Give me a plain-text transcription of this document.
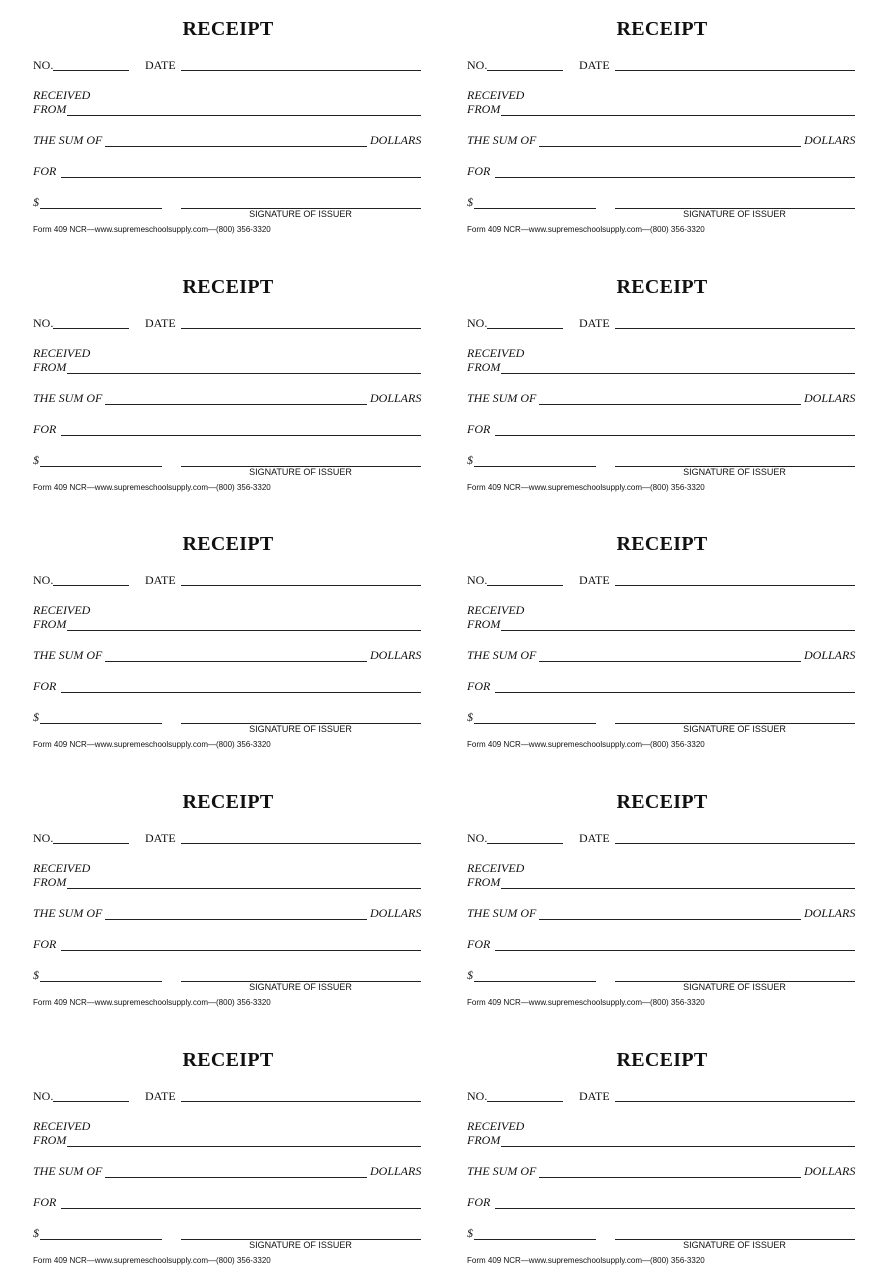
RECEIPT
NO.	DATE
RECEIVED
FROM
THE SUM OF	DOLLARS
FOR
$
SIGNATURE OF ISSUER
Form 409 NCR—www.supremeschoolsupply.com—(800) 356-3320
RECEIPT
NO.	DATE
RECEIVED
FROM
THE SUM OF	DOLLARS
FOR
$
SIGNATURE OF ISSUER
Form 409 NCR—www.supremeschoolsupply.com—(800) 356-3320
RECEIPT
NO.	DATE
RECEIVED
FROM
THE SUM OF	DOLLARS
FOR
$
SIGNATURE OF ISSUER
Form 409 NCR—www.supremeschoolsupply.com—(800) 356-3320
RECEIPT
NO.	DATE
RECEIVED
FROM
THE SUM OF	DOLLARS
FOR
$
SIGNATURE OF ISSUER
Form 409 NCR—www.supremeschoolsupply.com—(800) 356-3320
RECEIPT
NO.	DATE
RECEIVED
FROM
THE SUM OF	DOLLARS
FOR
$
SIGNATURE OF ISSUER
Form 409 NCR—www.supremeschoolsupply.com—(800) 356-3320
RECEIPT
NO.	DATE
RECEIVED
FROM
THE SUM OF	DOLLARS
FOR
$
SIGNATURE OF ISSUER
Form 409 NCR—www.supremeschoolsupply.com—(800) 356-3320
RECEIPT
NO.	DATE
RECEIVED
FROM
THE SUM OF	DOLLARS
FOR
$
SIGNATURE OF ISSUER
Form 409 NCR—www.supremeschoolsupply.com—(800) 356-3320
RECEIPT
NO.	DATE
RECEIVED
FROM
THE SUM OF	DOLLARS
FOR
$
SIGNATURE OF ISSUER
Form 409 NCR—www.supremeschoolsupply.com—(800) 356-3320
RECEIPT
NO.	DATE
RECEIVED
FROM
THE SUM OF	DOLLARS
FOR
$
SIGNATURE OF ISSUER
Form 409 NCR—www.supremeschoolsupply.com—(800) 356-3320
RECEIPT
NO.	DATE
RECEIVED
FROM
THE SUM OF	DOLLARS
FOR
$
SIGNATURE OF ISSUER
Form 409 NCR—www.supremeschoolsupply.com—(800) 356-3320
